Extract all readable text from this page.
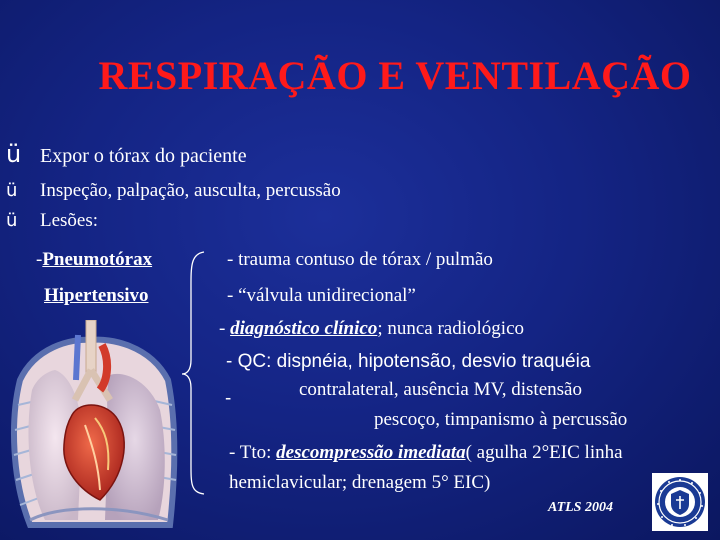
RESPIRAÇÃO E VENTILAÇÃO
ü Expor o tórax do paciente
ü Inspeção, palpação, ausculta, percussão
ü Lesões:
-Pneumotórax
Hipertensivo
- trauma contuso de tórax / pulmão
- “válvula unidirecional”
- diagnóstico clínico; nunca radiológico
- QC: dispnéia, hipotensão, desvio traquéia
-	contralateral, ausência MV, distensão
pescoço, timpanismo à percussão
- Tto: descompressão imediata( agulha 2°EIC linha
hemiclavicular; drenagem 5° EIC)

ATLS 2004
